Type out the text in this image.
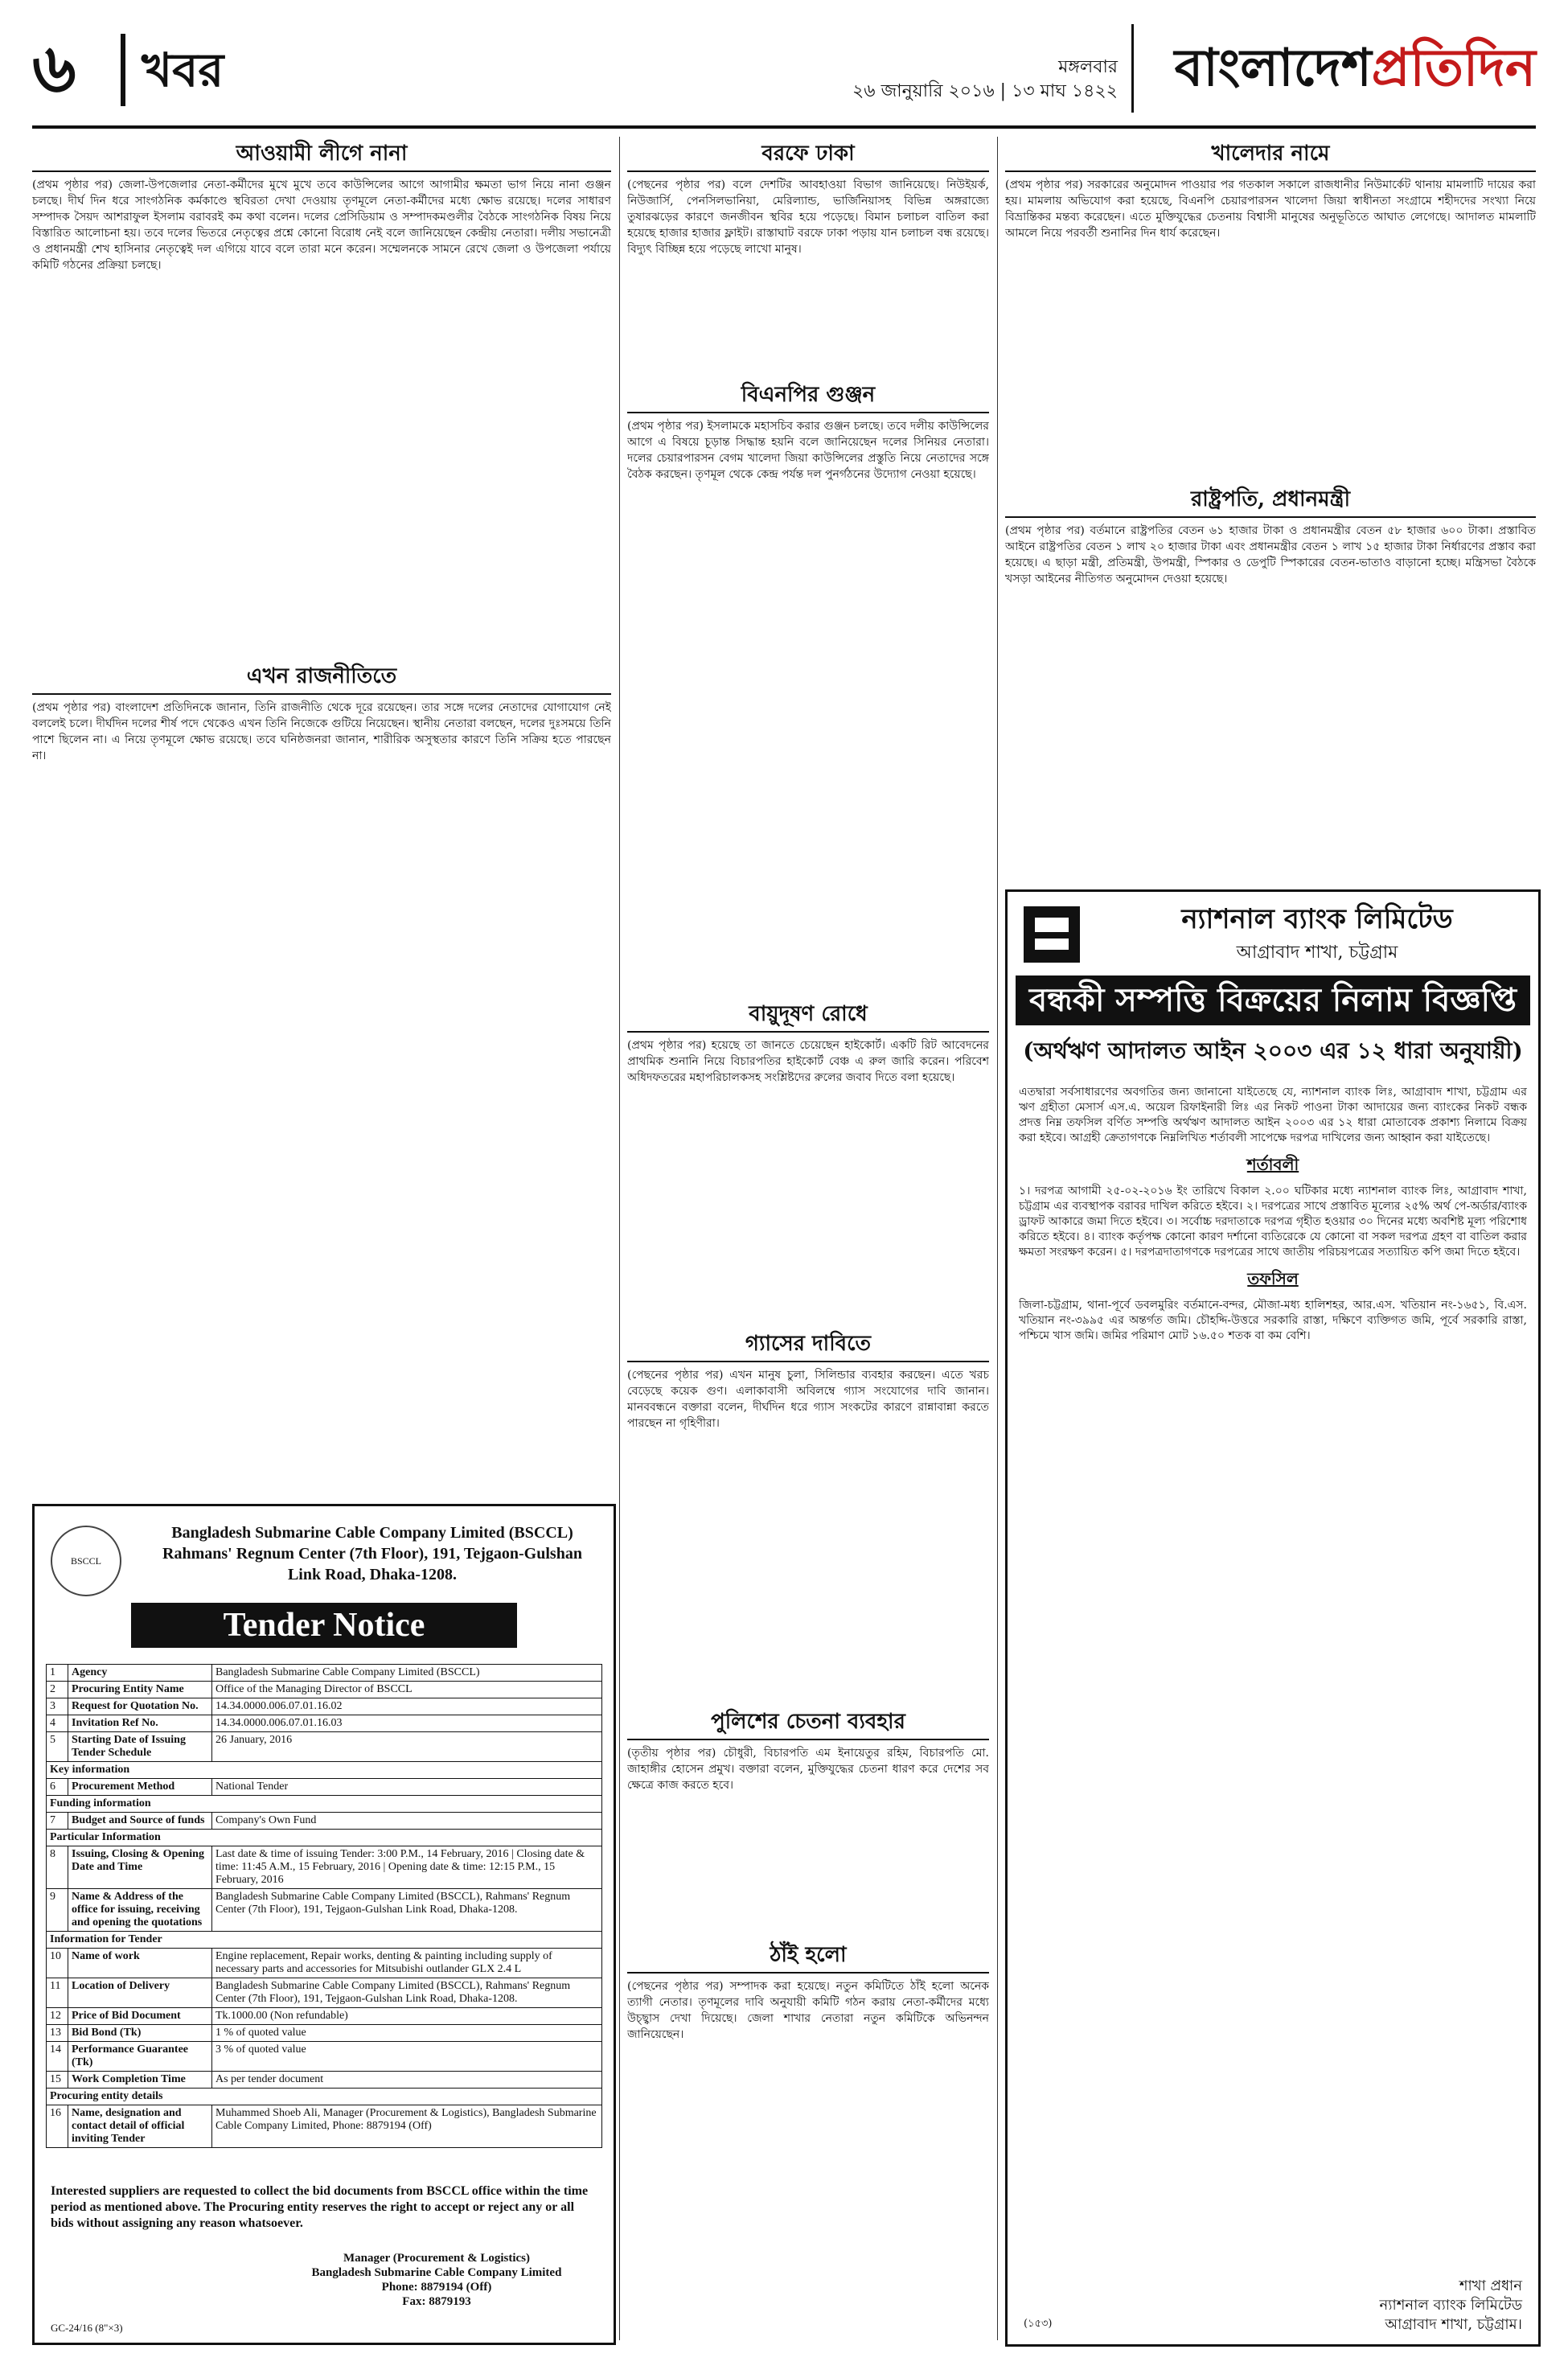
৬	খবর	মঙ্গলবার
২৬ জানুয়ারি ২০১৬ | ১৩ মাঘ ১৪২২	বাংলাদেশপ্রতিদিন
আওয়ামী লীগে নানা

(প্রথম পৃষ্ঠার পর) জেলা-উপজেলার নেতা-কর্মীদের মুখে মুখে তবে কাউন্সিলের আগে আগামীর ক্ষমতা ভাগ নিয়ে নানা গুঞ্জন চলছে। দীর্ঘ দিন ধরে সাংগঠনিক কর্মকাণ্ডে স্থবিরতা দেখা দেওয়ায় তৃণমূলে নেতা-কর্মীদের মধ্যে ক্ষোভ রয়েছে। দলের সাধারণ সম্পাদক সৈয়দ আশরাফুল ইসলাম বরাবরই কম কথা বলেন। দলের প্রেসিডিয়াম ও সম্পাদকমণ্ডলীর বৈঠকে সাংগঠনিক বিষয় নিয়ে বিস্তারিত আলোচনা হয়। তবে দলের ভিতরে নেতৃত্বের প্রশ্নে কোনো বিরোধ নেই বলে জানিয়েছেন কেন্দ্রীয় নেতারা। দলীয় সভানেত্রী ও প্রধানমন্ত্রী শেখ হাসিনার নেতৃত্বেই দল এগিয়ে যাবে বলে তারা মনে করেন। সম্মেলনকে সামনে রেখে জেলা ও উপজেলা পর্যায়ে কমিটি গঠনের প্রক্রিয়া চলছে।

এখন রাজনীতিতে

(প্রথম পৃষ্ঠার পর) বাংলাদেশ প্রতিদিনকে জানান, তিনি রাজনীতি থেকে দূরে রয়েছেন। তার সঙ্গে দলের নেতাদের যোগাযোগ নেই বললেই চলে। দীর্ঘদিন দলের শীর্ষ পদে থেকেও এখন তিনি নিজেকে গুটিয়ে নিয়েছেন। স্থানীয় নেতারা বলছেন, দলের দুঃসময়ে তিনি পাশে ছিলেন না। এ নিয়ে তৃণমূলে ক্ষোভ রয়েছে। তবে ঘনিষ্ঠজনরা জানান, শারীরিক অসুস্থতার কারণে তিনি সক্রিয় হতে পারছেন না।

BSCCL
Bangladesh Submarine Cable Company Limited (BSCCL)
Rahmans' Regnum Center (7th Floor), 191, Tejgaon-Gulshan Link Road, Dhaka-1208.
Tender Notice
1	Agency	Bangladesh Submarine Cable Company Limited (BSCCL)
2	Procuring Entity Name	Office of the Managing Director of BSCCL
3	Request for Quotation No.	14.34.0000.006.07.01.16.02
4	Invitation Ref No.	14.34.0000.006.07.01.16.03
5	Starting Date of Issuing Tender Schedule	26 January, 2016
Key information		
6	Procurement Method	National Tender
Funding information		
7	Budget and Source of funds	Company's Own Fund
Particular Information		
8	Issuing, Closing & Opening Date and Time	Last date & time of issuing Tender: 3:00 P.M., 14 February, 2016 | Closing date & time: 11:45 A.M., 15 February, 2016 | Opening date & time: 12:15 P.M., 15 February, 2016
9	Name & Address of the office for issuing, receiving and opening the quotations	Bangladesh Submarine Cable Company Limited (BSCCL), Rahmans' Regnum Center (7th Floor), 191, Tejgaon-Gulshan Link Road, Dhaka-1208.
Information for Tender		
10	Name of work	Engine replacement, Repair works, denting & painting including supply of necessary parts and accessories for Mitsubishi outlander GLX 2.4 L
11	Location of Delivery	Bangladesh Submarine Cable Company Limited (BSCCL), Rahmans' Regnum Center (7th Floor), 191, Tejgaon-Gulshan Link Road, Dhaka-1208.
12	Price of Bid Document	Tk.1000.00 (Non refundable)
13	Bid Bond (Tk)	1 % of quoted value
14	Performance Guarantee (Tk)	3 % of quoted value
15	Work Completion Time	As per tender document
Procuring entity details		
16	Name, designation and contact detail of official inviting Tender	Muhammed Shoeb Ali, Manager (Procurement & Logistics), Bangladesh Submarine Cable Company Limited, Phone: 8879194 (Off)
Interested suppliers are requested to collect the bid documents from BSCCL office within the time period as mentioned above. The Procuring entity reserves the right to accept or reject any or all bids without assigning any reason whatsoever.
Manager (Procurement & Logistics)
Bangladesh Submarine Cable Company Limited
Phone: 8879194 (Off)
Fax: 8879193
GC-24/16 (8"×3)
বরফে ঢাকা

(পেছনের পৃষ্ঠার পর) বলে দেশটির আবহাওয়া বিভাগ জানিয়েছে। নিউইয়র্ক, নিউজার্সি, পেনসিলভানিয়া, মেরিল্যান্ড, ভার্জিনিয়াসহ বিভিন্ন অঙ্গরাজ্যে তুষারঝড়ের কারণে জনজীবন স্থবির হয়ে পড়েছে। বিমান চলাচল বাতিল করা হয়েছে হাজার হাজার ফ্লাইট। রাস্তাঘাট বরফে ঢাকা পড়ায় যান চলাচল বন্ধ রয়েছে। বিদ্যুৎ বিচ্ছিন্ন হয়ে পড়েছে লাখো মানুষ।

বিএনপির গুঞ্জন

(প্রথম পৃষ্ঠার পর) ইসলামকে মহাসচিব করার গুঞ্জন চলছে। তবে দলীয় কাউন্সিলের আগে এ বিষয়ে চূড়ান্ত সিদ্ধান্ত হয়নি বলে জানিয়েছেন দলের সিনিয়র নেতারা। দলের চেয়ারপারসন বেগম খালেদা জিয়া কাউন্সিলের প্রস্তুতি নিয়ে নেতাদের সঙ্গে বৈঠক করছেন। তৃণমূল থেকে কেন্দ্র পর্যন্ত দল পুনর্গঠনের উদ্যোগ নেওয়া হয়েছে।

বায়ুদূষণ রোধে

(প্রথম পৃষ্ঠার পর) হয়েছে তা জানতে চেয়েছেন হাইকোর্ট। একটি রিট আবেদনের প্রাথমিক শুনানি নিয়ে বিচারপতির হাইকোর্ট বেঞ্চ এ রুল জারি করেন। পরিবেশ অধিদফতরের মহাপরিচালকসহ সংশ্লিষ্টদের রুলের জবাব দিতে বলা হয়েছে।

গ্যাসের দাবিতে

(পেছনের পৃষ্ঠার পর) এখন মানুষ চুলা, সিলিন্ডার ব্যবহার করছেন। এতে খরচ বেড়েছে কয়েক গুণ। এলাকাবাসী অবিলম্বে গ্যাস সংযোগের দাবি জানান। মানববন্ধনে বক্তারা বলেন, দীর্ঘদিন ধরে গ্যাস সংকটের কারণে রান্নাবান্না করতে পারছেন না গৃহিণীরা।

পুলিশের চেতনা ব্যবহার

(তৃতীয় পৃষ্ঠার পর) চৌধুরী, বিচারপতি এম ইনায়েতুর রহিম, বিচারপতি মো. জাহাঙ্গীর হোসেন প্রমুখ। বক্তারা বলেন, মুক্তিযুদ্ধের চেতনা ধারণ করে দেশের সব ক্ষেত্রে কাজ করতে হবে।

ঠাঁই হলো

(পেছনের পৃষ্ঠার পর) সম্পাদক করা হয়েছে। নতুন কমিটিতে ঠাঁই হলো অনেক ত্যাগী নেতার। তৃণমূলের দাবি অনুযায়ী কমিটি গঠন করায় নেতা-কর্মীদের মধ্যে উচ্ছ্বাস দেখা দিয়েছে। জেলা শাখার নেতারা নতুন কমিটিকে অভিনন্দন জানিয়েছেন।

খালেদার নামে

(প্রথম পৃষ্ঠার পর) সরকারের অনুমোদন পাওয়ার পর গতকাল সকালে রাজধানীর নিউমার্কেট থানায় মামলাটি দায়ের করা হয়। মামলায় অভিযোগ করা হয়েছে, বিএনপি চেয়ারপারসন খালেদা জিয়া স্বাধীনতা সংগ্রামে শহীদদের সংখ্যা নিয়ে বিভ্রান্তিকর মন্তব্য করেছেন। এতে মুক্তিযুদ্ধের চেতনায় বিশ্বাসী মানুষের অনুভূতিতে আঘাত লেগেছে। আদালত মামলাটি আমলে নিয়ে পরবর্তী শুনানির দিন ধার্য করেছেন।

রাষ্ট্রপতি, প্রধানমন্ত্রী

(প্রথম পৃষ্ঠার পর) বর্তমানে রাষ্ট্রপতির বেতন ৬১ হাজার টাকা ও প্রধানমন্ত্রীর বেতন ৫৮ হাজার ৬০০ টাকা। প্রস্তাবিত আইনে রাষ্ট্রপতির বেতন ১ লাখ ২০ হাজার টাকা এবং প্রধানমন্ত্রীর বেতন ১ লাখ ১৫ হাজার টাকা নির্ধারণের প্রস্তাব করা হয়েছে। এ ছাড়া মন্ত্রী, প্রতিমন্ত্রী, উপমন্ত্রী, স্পিকার ও ডেপুটি স্পিকারের বেতন-ভাতাও বাড়ানো হচ্ছে। মন্ত্রিসভা বৈঠকে খসড়া আইনের নীতিগত অনুমোদন দেওয়া হয়েছে।

ন্যাশনাল ব্যাংক লিমিটেড
আগ্রাবাদ শাখা, চট্টগ্রাম
বন্ধকী সম্পত্তি বিক্রয়ের নিলাম বিজ্ঞপ্তি
(অর্থঋণ আদালত আইন ২০০৩ এর ১২ ধারা অনুযায়ী)

এতদ্বারা সর্বসাধারণের অবগতির জন্য জানানো যাইতেছে যে, ন্যাশনাল ব্যাংক লিঃ, আগ্রাবাদ শাখা, চট্টগ্রাম এর ঋণ গ্রহীতা মেসার্স এস.এ. অয়েল রিফাইনারী লিঃ এর নিকট পাওনা টাকা আদায়ের জন্য ব্যাংকের নিকট বন্ধক প্রদত্ত নিম্ন তফসিল বর্ণিত সম্পত্তি অর্থঋণ আদালত আইন ২০০৩ এর ১২ ধারা মোতাবেক প্রকাশ্য নিলামে বিক্রয় করা হইবে। আগ্রহী ক্রেতাগণকে নিম্নলিখিত শর্তাবলী সাপেক্ষে দরপত্র দাখিলের জন্য আহ্বান করা যাইতেছে।

শর্তাবলী

১। দরপত্র আগামী ২৫-০২-২০১৬ ইং তারিখে বিকাল ২.০০ ঘটিকার মধ্যে ন্যাশনাল ব্যাংক লিঃ, আগ্রাবাদ শাখা, চট্টগ্রাম এর ব্যবস্থাপক বরাবর দাখিল করিতে হইবে। ২। দরপত্রের সাথে প্রস্তাবিত মূল্যের ২৫% অর্থ পে-অর্ডার/ব্যাংক ড্রাফট আকারে জমা দিতে হইবে। ৩। সর্বোচ্চ দরদাতাকে দরপত্র গৃহীত হওয়ার ৩০ দিনের মধ্যে অবশিষ্ট মূল্য পরিশোধ করিতে হইবে। ৪। ব্যাংক কর্তৃপক্ষ কোনো কারণ দর্শানো ব্যতিরেকে যে কোনো বা সকল দরপত্র গ্রহণ বা বাতিল করার ক্ষমতা সংরক্ষণ করেন। ৫। দরপত্রদাতাগণকে দরপত্রের সাথে জাতীয় পরিচয়পত্রের সত্যায়িত কপি জমা দিতে হইবে।

তফসিল

জিলা-চট্টগ্রাম, থানা-পূর্বে ডবলমুরিং বর্তমানে-বন্দর, মৌজা-মধ্য হালিশহর, আর.এস. খতিয়ান নং-১৬৫১, বি.এস. খতিয়ান নং-৩৯৯৫ এর অন্তর্গত জমি। চৌহদ্দি-উত্তরে সরকারি রাস্তা, দক্ষিণে ব্যক্তিগত জমি, পূর্বে সরকারি রাস্তা, পশ্চিমে খাস জমি। জমির পরিমাণ মোট ১৬.৫০ শতক বা কম বেশি।

(১৫৩)
শাখা প্রধান
ন্যাশনাল ব্যাংক লিমিটেড
আগ্রাবাদ শাখা, চট্টগ্রাম।
